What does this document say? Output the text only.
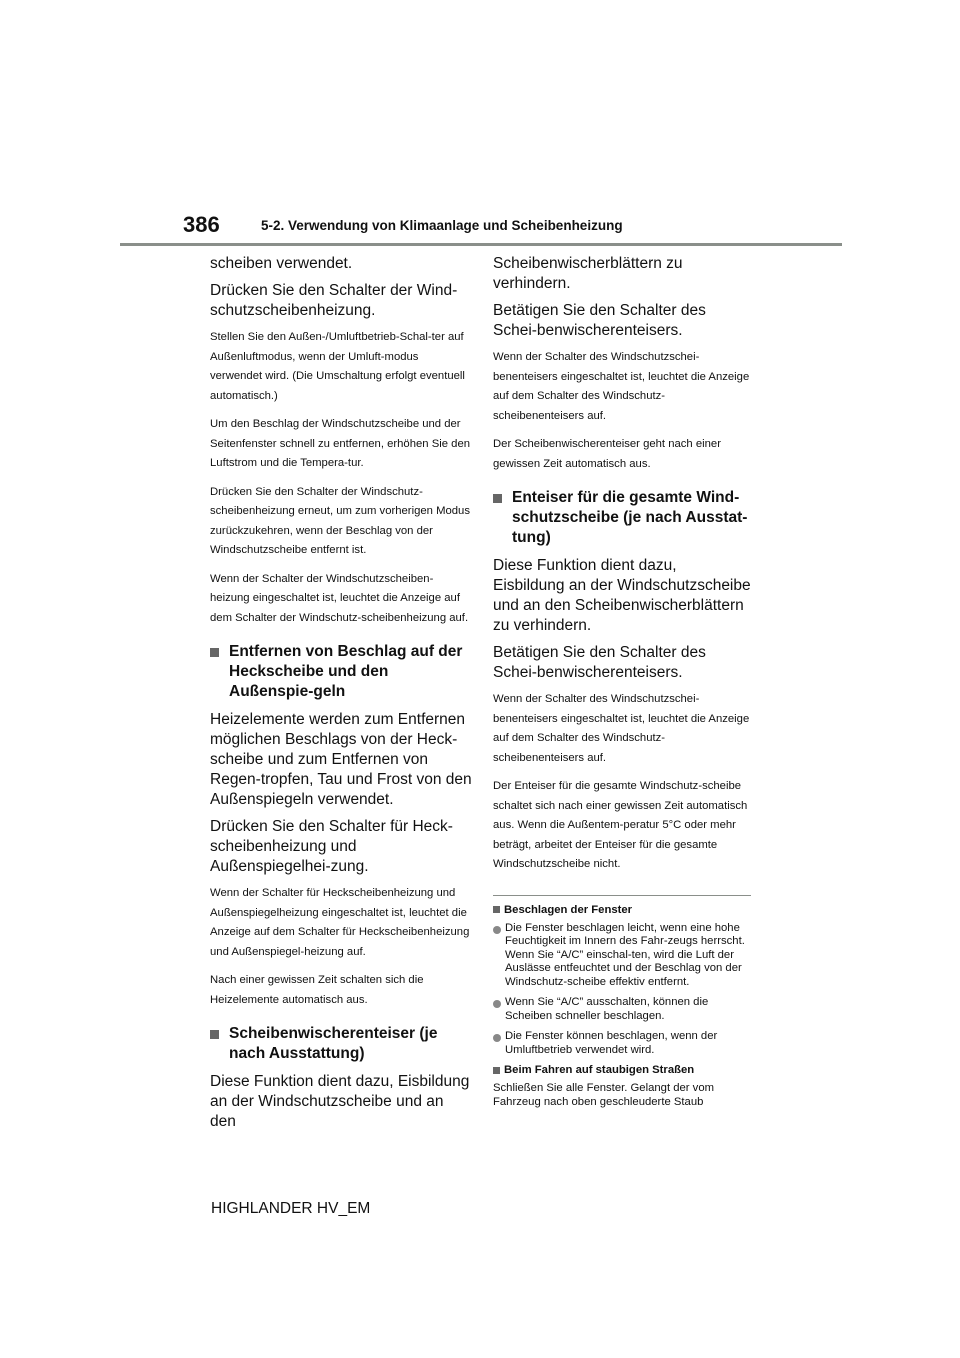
386	5-2. Verwendung von Klimaanlage und Scheibenheizung

scheiben verwendet.

Drücken Sie den Schalter der Wind-schutzscheibenheizung.

Stellen Sie den Außen-/Umluftbetrieb-Schal-ter auf Außenluftmodus, wenn der Umluft-modus verwendet wird. (Die Umschaltung erfolgt eventuell automatisch.)

Um den Beschlag der Windschutzscheibe und der Seitenfenster schnell zu entfernen, erhöhen Sie den Luftstrom und die Tempera-tur.

Drücken Sie den Schalter der Windschutz-scheibenheizung erneut, um zum vorherigen Modus zurückzukehren, wenn der Beschlag von der Windschutzscheibe entfernt ist.

Wenn der Schalter der Windschutzscheiben-heizung eingeschaltet ist, leuchtet die Anzeige auf dem Schalter der Windschutz-scheibenheizung auf.

Entfernen von Beschlag auf der Heckscheibe und den Außenspie-geln

Heizelemente werden zum Entfernen möglichen Beschlags von der Heck-scheibe und zum Entfernen von Regen-tropfen, Tau und Frost von den Außenspiegeln verwendet.

Drücken Sie den Schalter für Heck-scheibenheizung und Außenspiegelhei-zung.

Wenn der Schalter für Heckscheibenheizung und Außenspiegelheizung eingeschaltet ist, leuchtet die Anzeige auf dem Schalter für Heckscheibenheizung und Außenspiegel-heizung auf.

Nach einer gewissen Zeit schalten sich die Heizelemente automatisch aus.

Scheibenwischerenteiser (je nach Ausstattung)

Diese Funktion dient dazu, Eisbildung an der Windschutzscheibe und an den

Scheibenwischerblättern zu verhindern.

Betätigen Sie den Schalter des Schei-benwischerenteisers.

Wenn der Schalter des Windschutzschei-benenteisers eingeschaltet ist, leuchtet die Anzeige auf dem Schalter des Windschutz-scheibenenteisers auf.

Der Scheibenwischerenteiser geht nach einer gewissen Zeit automatisch aus.

Enteiser für die gesamte Wind-schutzscheibe (je nach Ausstat-tung)

Diese Funktion dient dazu, Eisbildung an der Windschutzscheibe und an den Scheibenwischerblättern zu verhindern.

Betätigen Sie den Schalter des Schei-benwischerenteisers.

Wenn der Schalter des Windschutzschei-benenteisers eingeschaltet ist, leuchtet die Anzeige auf dem Schalter des Windschutz-scheibenenteisers auf.

Der Enteiser für die gesamte Windschutz-scheibe schaltet sich nach einer gewissen Zeit automatisch aus. Wenn die Außentem-peratur 5°C oder mehr beträgt, arbeitet der Enteiser für die gesamte Windschutzscheibe nicht.

Beschlagen der Fenster
Die Fenster beschlagen leicht, wenn eine hohe Feuchtigkeit im Innern des Fahr-zeugs herrscht. Wenn Sie “A/C” einschal-ten, wird die Luft der Auslässe entfeuchtet und der Beschlag von der Windschutz-scheibe effektiv entfernt.
Wenn Sie “A/C” ausschalten, können die Scheiben schneller beschlagen.
Die Fenster können beschlagen, wenn der Umluftbetrieb verwendet wird.
Beim Fahren auf staubigen Straßen
Schließen Sie alle Fenster. Gelangt der vom Fahrzeug nach oben geschleuderte Staub
HIGHLANDER HV_EM
